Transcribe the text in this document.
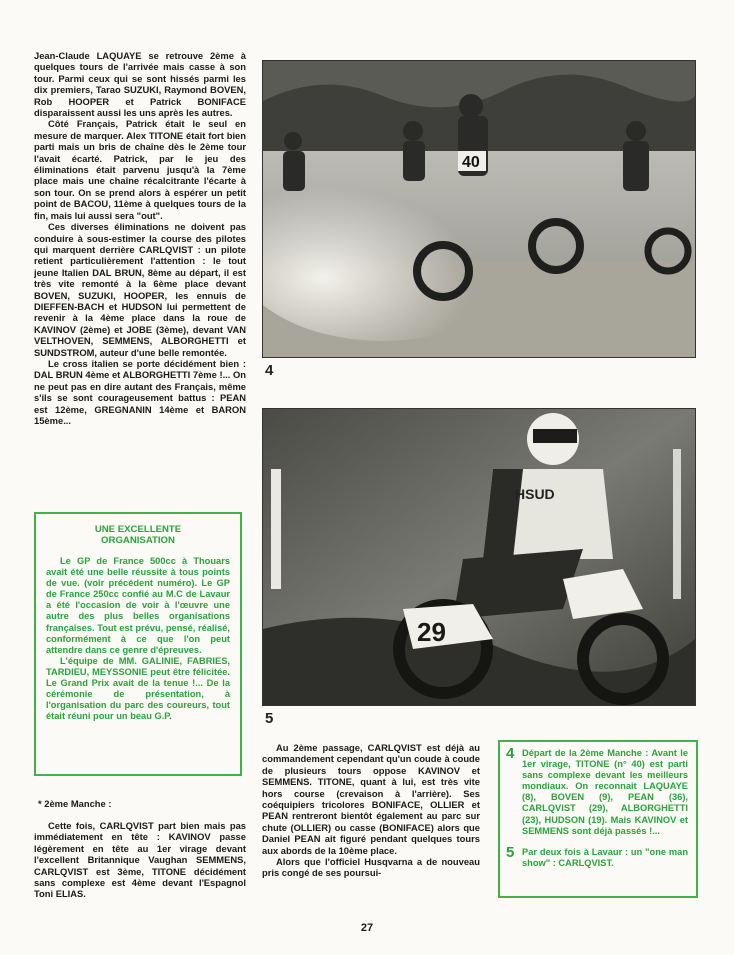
Jean-Claude LAQUAYE se retrouve 2ème à quelques tours de l'arrivée mais casse à son tour. Parmi ceux qui se sont hissés parmi les dix premiers, Tarao SUZUKI, Raymond BOVEN, Rob HOOPER et Patrick BONIFACE disparaissent aussi les uns après les autres.

Côté Français, Patrick était le seul en mesure de marquer. Alex TITONE était fort bien parti mais un bris de chaîne dès le 2ème tour l'avait écarté. Patrick, par le jeu des éliminations était parvenu jusqu'à la 7ème place mais une chaîne récalcitrante l'écarte à son tour. On se prend alors à espérer un petit point de BACOU, 11ème à quelques tours de la fin, mais lui aussi sera "out".

Ces diverses éliminations ne doivent pas conduire à sous-estimer la course des pilotes qui marquent derrière CARLQVIST : un pilote retient particulièrement l'attention : le tout jeune Italien DAL BRUN, 8ème au départ, il est très vite remonté à la 6ème place devant BOVEN, SUZUKI, HOOPER, les ennuis de DIEFFEN-BACH et HUDSON lui permettent de revenir à la 4ème place dans la roue de KAVINOV (2ème) et JOBE (3ème), devant VAN VELTHOVEN, SEMMENS, ALBORGHETTI et SUNDSTROM, auteur d'une belle remontée.

Le cross italien se porte décidément bien : DAL BRUN 4ème et ALBORGHETTI 7ème !... On ne peut pas en dire autant des Français, même s'ils se sont courageusement battus : PEAN est 12ème, GREGNANIN 14ème et BARON 15ème...

UNE EXCELLENTE
ORGANISATION

Le GP de France 500cc à Thouars avait été une belle réussite à tous points de vue. (voir précédent numéro). Le GP de France 250cc confié au M.C de Lavaur a été l'occasion de voir à l'œuvre une autre des plus belles organisations françaises. Tout est prévu, pensé, réalisé, conformément à ce que l'on peut attendre dans ce genre d'épreuves.

L'équipe de MM. GALINIE, FABRIES, TARDIEU, MEYSSONIE peut être félicitée. Le Grand Prix avait de la tenue !... De la cérémonie de présentation, à l'organisation du parc des coureurs, tout était réuni pour un beau G.P.

* 2ème Manche :

Cette fois, CARLQVIST part bien mais pas immédiatement en tête : KAVINOV passe légèrement en tête au 1er virage devant l'excellent Britannique Vaughan SEMMENS, CARLQVIST est 3ème, TITONE décidément sans complexe est 4ème devant l'Espagnol Toni ELIAS.

40
4
HSUD
29
5

Au 2ème passage, CARLQVIST est déjà au commandement cependant qu'un coude à coude de plusieurs tours oppose KAVINOV et SEMMENS. TITONE, quant à lui, est très vite hors course (crevaison à l'arrière). Ses coéquipiers tricolores BONIFACE, OLLIER et PEAN rentreront bientôt également au parc sur chute (OLLIER) ou casse (BONIFACE) alors que Daniel PEAN ait figuré pendant quelques tours aux abords de la 10ème place.

Alors que l'officiel Husqvarna a de nouveau pris congé de ses poursui-

4 Départ de la 2ème Manche : Avant le 1er virage, TITONE (n° 40) est parti sans complexe devant les meilleurs mondiaux. On reconnait LAQUAYE (8), BOVEN (9), PEAN (36), CARLQVIST (29), ALBORGHETTI (23), HUDSON (19). Mais KAVINOV et SEMMENS sont déjà passés !...
5 Par deux fois à Lavaur : un "one man show" : CARLQVIST.
27
